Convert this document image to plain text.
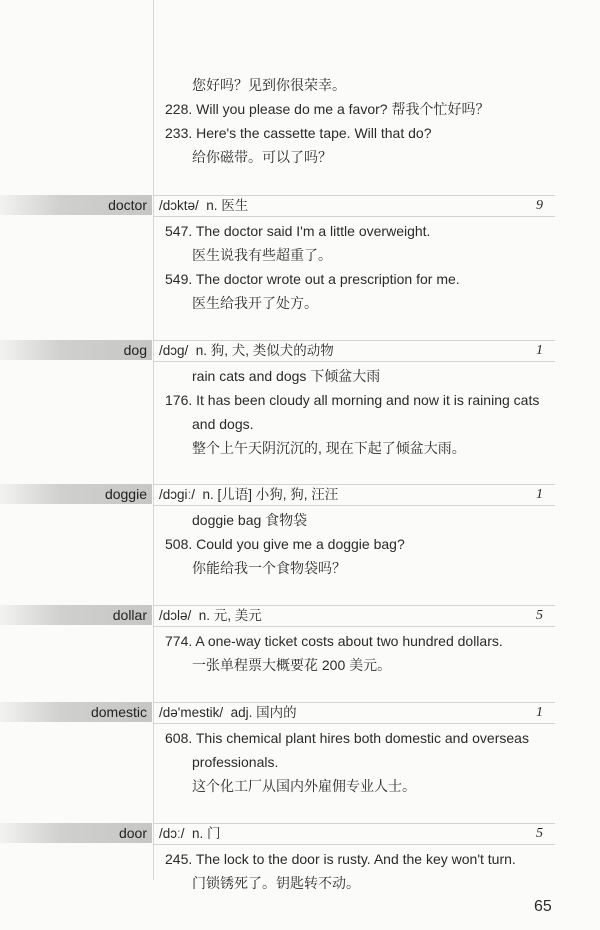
您好吗？见到你很荣幸。
228. Will you please do me a favor? 帮我个忙好吗？
233. Here's the cassette tape. Will that do?
给你磁带。可以了吗？
doctor /dɔktə/ n. 医生	9
547. The doctor said I'm a little overweight.
医生说我有些超重了。
549. The doctor wrote out a prescription for me.
医生给我开了处方。
dog /dɔg/ n. 狗, 犬, 类似犬的动物	1
rain cats and dogs 下倾盆大雨
176. It has been cloudy all morning and now it is raining cats
and dogs.
整个上午天阴沉沉的, 现在下起了倾盆大雨。
doggie /dɔgiː/ n. [儿语] 小狗, 狗, 汪汪	1
doggie bag 食物袋
508. Could you give me a doggie bag?
你能给我一个食物袋吗？
dollar /dɔlə/ n. 元, 美元	5
774. A one-way ticket costs about two hundred dollars.
一张单程票大概要花 200 美元。
domestic /də'mestik/ adj. 国内的	1
608. This chemical plant hires both domestic and overseas
professionals.
这个化工厂从国内外雇佣专业人士。
door /dɔː/ n. 门	5
245. The lock to the door is rusty. And the key won't turn.
门锁锈死了。钥匙转不动。
65
